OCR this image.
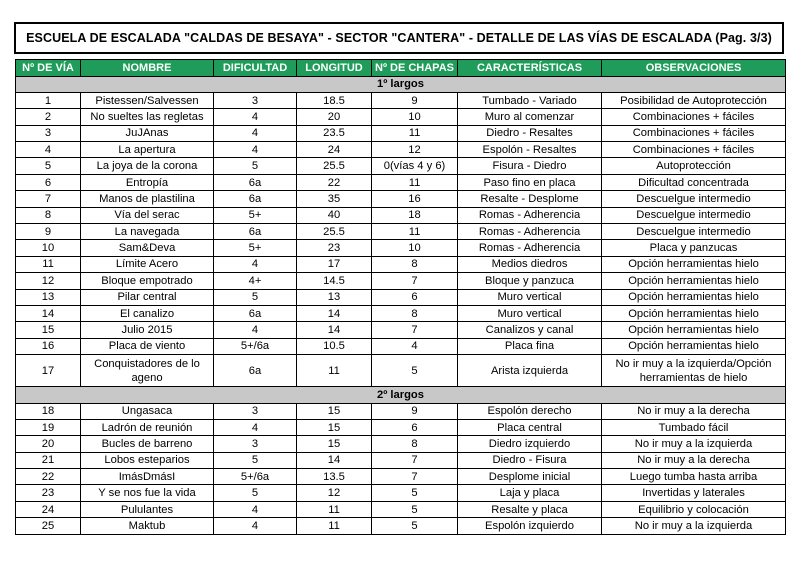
ESCUELA DE ESCALADA "CALDAS DE BESAYA" - SECTOR "CANTERA" - DETALLE DE LAS VÍAS DE ESCALADA (Pag. 3/3)
Nº DE VÍA	NOMBRE	DIFICULTAD	LONGITUD	Nº DE CHAPAS	CARACTERÍSTICAS	OBSERVACIONES
1º largos						
1	Pistessen/Salvessen	3	18.5	9	Tumbado - Variado	Posibilidad de Autoprotección
2	No sueltes las regletas	4	20	10	Muro al comenzar	Combinaciones + fáciles
3	JuJAnas	4	23.5	11	Diedro - Resaltes	Combinaciones + fáciles
4	La apertura	4	24	12	Espolón - Resaltes	Combinaciones + fáciles
5	La joya de la corona	5	25.5	0(vías 4 y 6)	Fisura - Diedro	Autoprotección
6	Entropía	6a	22	11	Paso fino en placa	Dificultad concentrada
7	Manos de plastilina	6a	35	16	Resalte - Desplome	Descuelgue intermedio
8	Vía del serac	5+	40	18	Romas - Adherencia	Descuelgue intermedio
9	La navegada	6a	25.5	11	Romas - Adherencia	Descuelgue intermedio
10	Sam&Deva	5+	23	10	Romas - Adherencia	Placa y panzucas
11	Límite Acero	4	17	8	Medios diedros	Opción herramientas hielo
12	Bloque empotrado	4+	14.5	7	Bloque y panzuca	Opción herramientas hielo
13	Pilar central	5	13	6	Muro vertical	Opción herramientas hielo
14	El canalizo	6a	14	8	Muro vertical	Opción herramientas hielo
15	Julio 2015	4	14	7	Canalizos y canal	Opción herramientas hielo
16	Placa de viento	5+/6a	10.5	4	Placa fina	Opción herramientas hielo
17	Conquistadores de lo ageno	6a	11	5	Arista izquierda	No ir muy a la izquierda/Opción herramientas de hielo
2º largos						
18	Ungasaca	3	15	9	Espolón derecho	No ir muy a la derecha
19	Ladrón de reunión	4	15	6	Placa central	Tumbado fácil
20	Bucles de barreno	3	15	8	Diedro izquierdo	No ir muy a la izquierda
21	Lobos esteparios	5	14	7	Diedro - Fisura	No ir muy a la derecha
22	ImásDmásI	5+/6a	13.5	7	Desplome inicial	Luego tumba hasta arriba
23	Y se nos fue la vida	5	12	5	Laja y placa	Invertidas y laterales
24	Pululantes	4	11	5	Resalte y placa	Equilibrio y colocación
25	Maktub	4	11	5	Espolón izquierdo	No ir muy a la izquierda
